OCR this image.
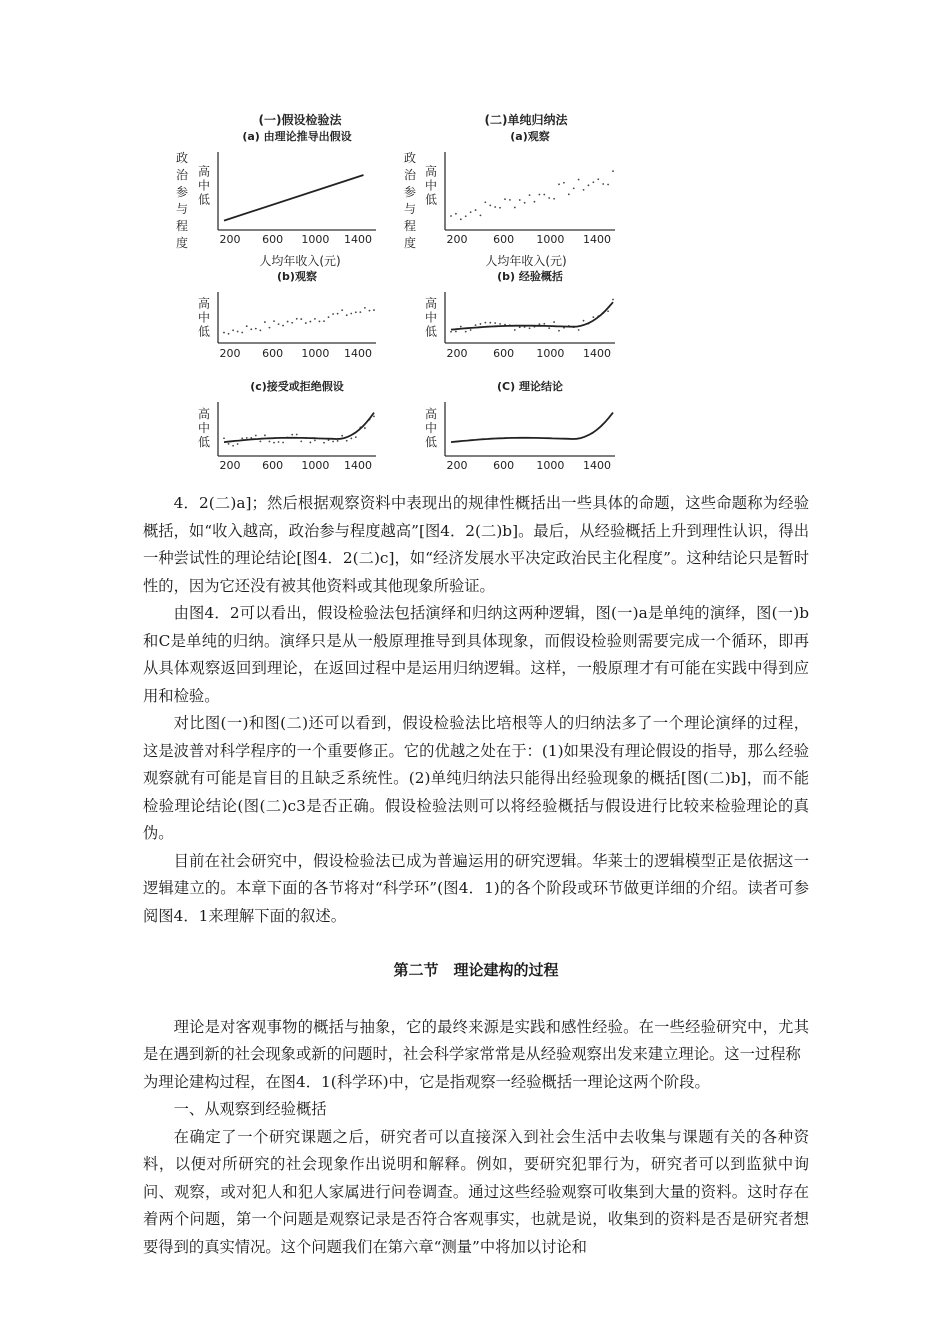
(一)假设检验法	(二)单纯归纳法
政
治
参
与
程
度
政
治
参
与
程
度
人均年收入(元)	人均年收入(元)
(a) 由理论推导出假设
高
中
低
200 600 1000 1400
(a)观察
高
中
低
200 600 1000 1400
(b)观察
高
中
低
200 600 1000 1400
(b) 经验概括
高
中
低
200 600 1000 1400
(c)接受或拒绝假设
高
中
低
200 600 1000 1400
(C) 理论结论
高
中
低
200 600 1000 1400

4．2(二)a]；然后根据观察资料中表现出的规律性概括出一些具体的命题，这些命题称为经验概括，如“收入越高，政治参与程度越高”[图4．2(二)b]。最后，从经验概括上升到理性认识，得出一种尝试性的理论结论[图4．2(二)c]，如“经济发展水平决定政治民主化程度”。这种结论只是暂时性的，因为它还没有被其他资料或其他现象所验证。

由图4．2可以看出，假设检验法包括演绎和归纳这两种逻辑，图(一)a是单纯的演绎，图(一)b和C是单纯的归纳。演绎只是从一般原理推导到具体现象，而假设检验则需要完成一个循环，即再从具体观察返回到理论，在返回过程中是运用归纳逻辑。这样，一般原理才有可能在实践中得到应用和检验。

对比图(一)和图(二)还可以看到，假设检验法比培根等人的归纳法多了一个理论演绎的过程，这是波普对科学程序的一个重要修正。它的优越之处在于：(1)如果没有理论假设的指导，那么经验观察就有可能是盲目的且缺乏系统性。(2)单纯归纳法只能得出经验现象的概括[图(二)b]，而不能检验理论结论(图(二)c3是否正确。假设检验法则可以将经验概括与假设进行比较来检验理论的真伪。

目前在社会研究中，假设检验法已成为普遍运用的研究逻辑。华莱士的逻辑模型正是依据这一逻辑建立的。本章下面的各节将对“科学环”(图4．1)的各个阶段或环节做更详细的介绍。读者可参阅图4．1来理解下面的叙述。

第二节　理论建构的过程

理论是对客观事物的概括与抽象，它的最终来源是实践和感性经验。在一些经验研究中，尤其是在遇到新的社会现象或新的问题时，社会科学家常常是从经验观察出发来建立理论。这一过程称

为理论建构过程，在图4．1(科学环)中，它是指观察一经验概括一理论这两个阶段。

一、从观察到经验概括

在确定了一个研究课题之后，研究者可以直接深入到社会生活中去收集与课题有关的各种资料，以便对所研究的社会现象作出说明和解释。例如，要研究犯罪行为，研究者可以到监狱中询问、观察，或对犯人和犯人家属进行问卷调查。通过这些经验观察可收集到大量的资料。这时存在着两个问题，第一个问题是观察记录是否符合客观事实，也就是说，收集到的资料是否是研究者想要得到的真实情况。这个问题我们在第六章“测量”中将加以讨论和
